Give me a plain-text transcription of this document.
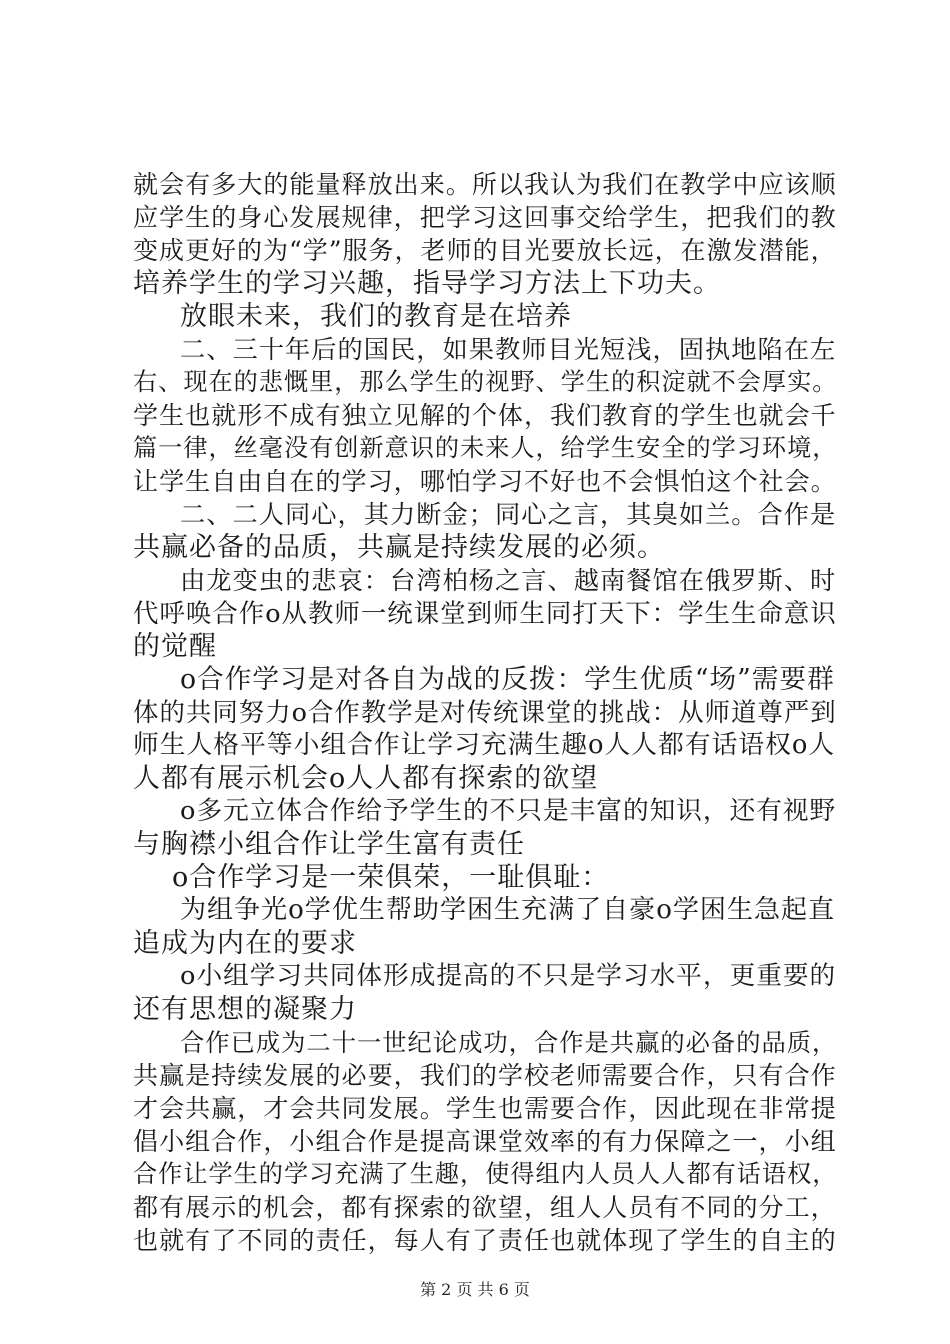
就会有多大的能量释放出来。所以我认为我们在教学中应该顺
应学生的身心发展规律，把学习这回事交给学生，把我们的教
变成更好的为“学”服务，老师的目光要放长远，在激发潜能，
培养学生的学习兴趣，指导学习方法上下功夫。
放眼未来，我们的教育是在培养
二、三十年后的国民，如果教师目光短浅，固执地陷在左
右、现在的悲慨里，那么学生的视野、学生的积淀就不会厚实。
学生也就形不成有独立见解的个体，我们教育的学生也就会千
篇一律，丝毫没有创新意识的未来人，给学生安全的学习环境，
让学生自由自在的学习，哪怕学习不好也不会惧怕这个社会。
二、二人同心，其力断金；同心之言，其臭如兰。合作是
共赢必备的品质，共赢是持续发展的必须。
由龙变虫的悲哀：台湾柏杨之言、越南餐馆在俄罗斯、时
代呼唤合作o从教师一统课堂到师生同打天下：学生生命意识
的觉醒
o合作学习是对各自为战的反拨：学生优质“场”需要群
体的共同努力o合作教学是对传统课堂的挑战：从师道尊严到
师生人格平等小组合作让学习充满生趣o人人都有话语权o人
人都有展示机会o人人都有探索的欲望
o多元立体合作给予学生的不只是丰富的知识，还有视野
与胸襟小组合作让学生富有责任
o合作学习是一荣俱荣，一耻俱耻：
为组争光o学优生帮助学困生充满了自豪o学困生急起直
追成为内在的要求
o小组学习共同体形成提高的不只是学习水平，更重要的
还有思想的凝聚力
合作已成为二十一世纪论成功，合作是共赢的必备的品质，
共赢是持续发展的必要，我们的学校老师需要合作，只有合作
才会共赢，才会共同发展。学生也需要合作，因此现在非常提
倡小组合作，小组合作是提高课堂效率的有力保障之一，小组
合作让学生的学习充满了生趣，使得组内人员人人都有话语权，
都有展示的机会，都有探索的欲望，组人人员有不同的分工，
也就有了不同的责任，每人有了责任也就体现了学生的自主的
第 2 页 共 6 页
